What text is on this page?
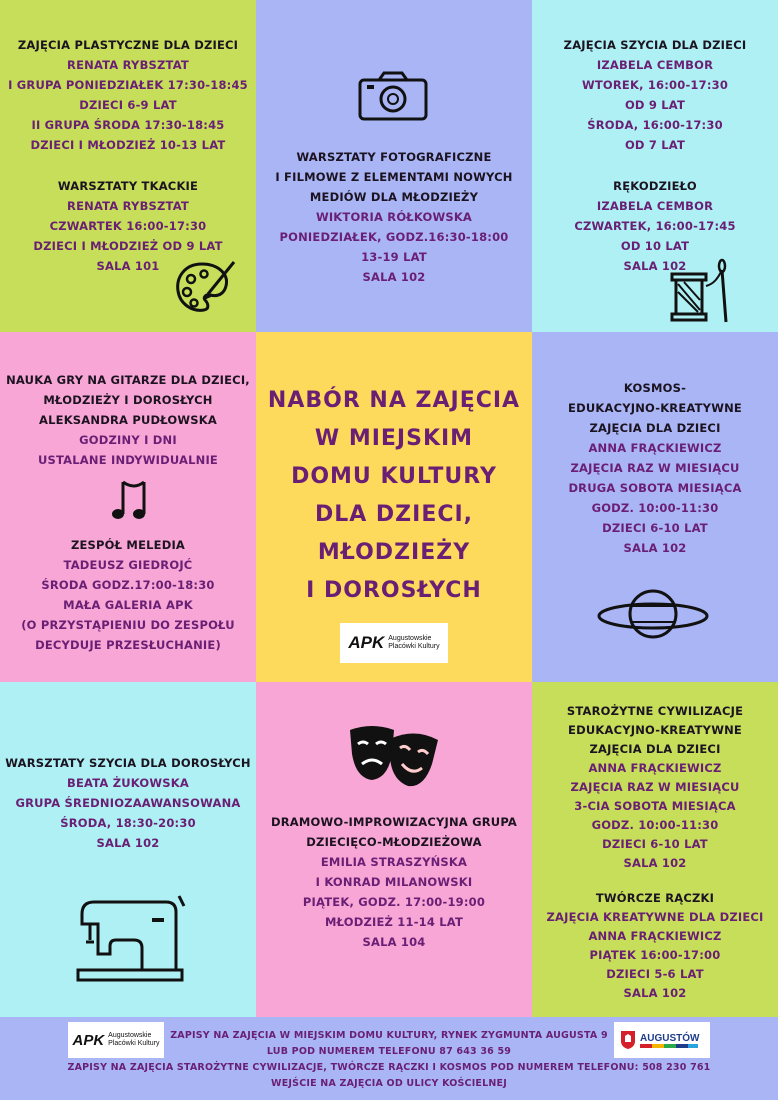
ZAJĘCIA PLASTYCZNE DLA DZIECI
RENATA RYBSZTAT
I GRUPA PONIEDZIAŁEK 17:30-18:45
DZIECI 6-9 LAT
II GRUPA ŚRODA 17:30-18:45
DZIECI I MŁODZIEŻ 10-13 LAT
WARSZTATY TKACKIE
RENATA RYBSZTAT
CZWARTEK 16:00-17:30
DZIECI I MŁODZIEŻ OD 9 LAT
SALA 101
WARSZTATY FOTOGRAFICZNE
I FILMOWE Z ELEMENTAMI NOWYCH
MEDIÓW DLA MŁODZIEŻY
WIKTORIA RÓŁKOWSKA
PONIEDZIAŁEK, GODZ.16:30-18:00
13-19 LAT
SALA 102
ZAJĘCIA SZYCIA DLA DZIECI
IZABELA CEMBOR
WTOREK, 16:00-17:30
OD 9 LAT
ŚRODA, 16:00-17:30
OD 7 LAT
RĘKODZIEŁO
IZABELA CEMBOR
CZWARTEK, 16:00-17:45
OD 10 LAT
SALA 102
NAUKA GRY NA GITARZE DLA DZIECI,
MŁODZIEŻY I DOROSŁYCH
ALEKSANDRA PUDŁOWSKA
GODZINY I DNI
USTALANE INDYWIDUALNIE
ZESPÓŁ MELEDIA
TADEUSZ GIEDROJĆ
ŚRODA GODZ.17:00-18:30
MAŁA GALERIA APK
(O PRZYSTĄPIENIU DO ZESPOŁU
DECYDUJE PRZESŁUCHANIE)
NABÓR NA ZAJĘCIA
W MIEJSKIM
DOMU KULTURY
DLA DZIECI,
MŁODZIEŻY
I DOROSŁYCH
APK Augustowskie
Placówki Kultury
KOSMOS-
EDUKACYJNO-KREATYWNE
ZAJĘCIA DLA DZIECI
ANNA FRĄCKIEWICZ
ZAJĘCIA RAZ W MIESIĄCU
DRUGA SOBOTA MIESIĄCA
GODZ. 10:00-11:30
DZIECI 6-10 LAT
SALA 102
WARSZTATY SZYCIA DLA DOROSŁYCH
BEATA ŻUKOWSKA
GRUPA ŚREDNIOZAAWANSOWANA
ŚRODA, 18:30-20:30
SALA 102
DRAMOWO-IMPROWIZACYJNA GRUPA
DZIECIĘCO-MŁODZIEŻOWA
EMILIA STRASZYŃSKA
I KONRAD MILANOWSKI
PIĄTEK, GODZ. 17:00-19:00
MŁODZIEŻ 11-14 LAT
SALA 104
STAROŻYTNE CYWILIZACJE
EDUKACYJNO-KREATYWNE
ZAJĘCIA DLA DZIECI
ANNA FRĄCKIEWICZ
ZAJĘCIA RAZ W MIESIĄCU
3-CIA SOBOTA MIESIĄCA
GODZ. 10:00-11:30
DZIECI 6-10 LAT
SALA 102
TWÓRCZE RĄCZKI
ZAJĘCIA KREATYWNE DLA DZIECI
ANNA FRĄCKIEWICZ
PIĄTEK 16:00-17:00
DZIECI 5-6 LAT
SALA 102
APK Augustowskie
Placówki Kultury	AUGUSTÓW
ZAPISY NA ZAJĘCIA W MIEJSKIM DOMU KULTURY, RYNEK ZYGMUNTA AUGUSTA 9
LUB POD NUMEREM TELEFONU 87 643 36 59
ZAPISY NA ZAJĘCIA STAROŻYTNE CYWILIZACJE, TWÓRCZE RĄCZKI I KOSMOS POD NUMEREM TELEFONU: 508 230 761
WEJŚCIE NA ZAJĘCIA OD ULICY KOŚCIELNEJ
